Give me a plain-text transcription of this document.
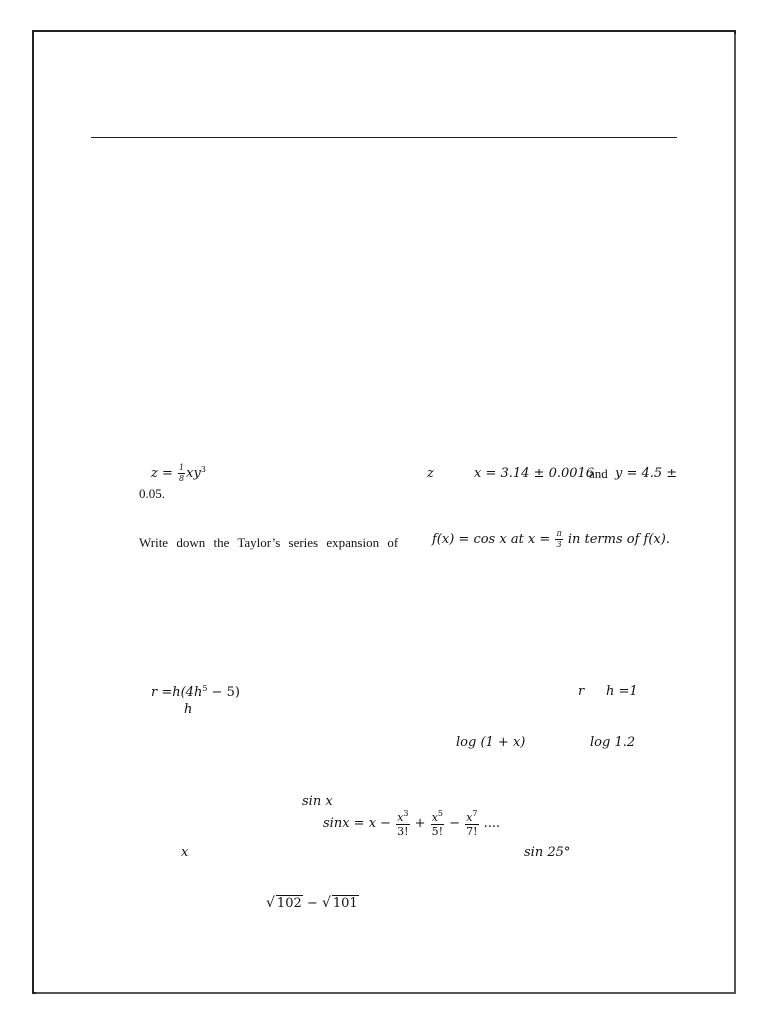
$z = \frac{1}{8} xy^3$	z	x = 3.14 ± 0.0016
and y = 4.5 ±
0.05.
Write down the Taylor’s series expansion of	f(x) = cos x at $x = \frac{\pi}{3}$ in terms of f(x).
$r =h(4h^5 - 5)$
h
r h =1
log (1 + x)	log 1.2
sin x
$\sin x = x - \frac{x^3}{3!} + \frac{x^5}{5!} - \frac{x^7}{7!}$ ....
x	sin 25°
√ 102 − √ 101
